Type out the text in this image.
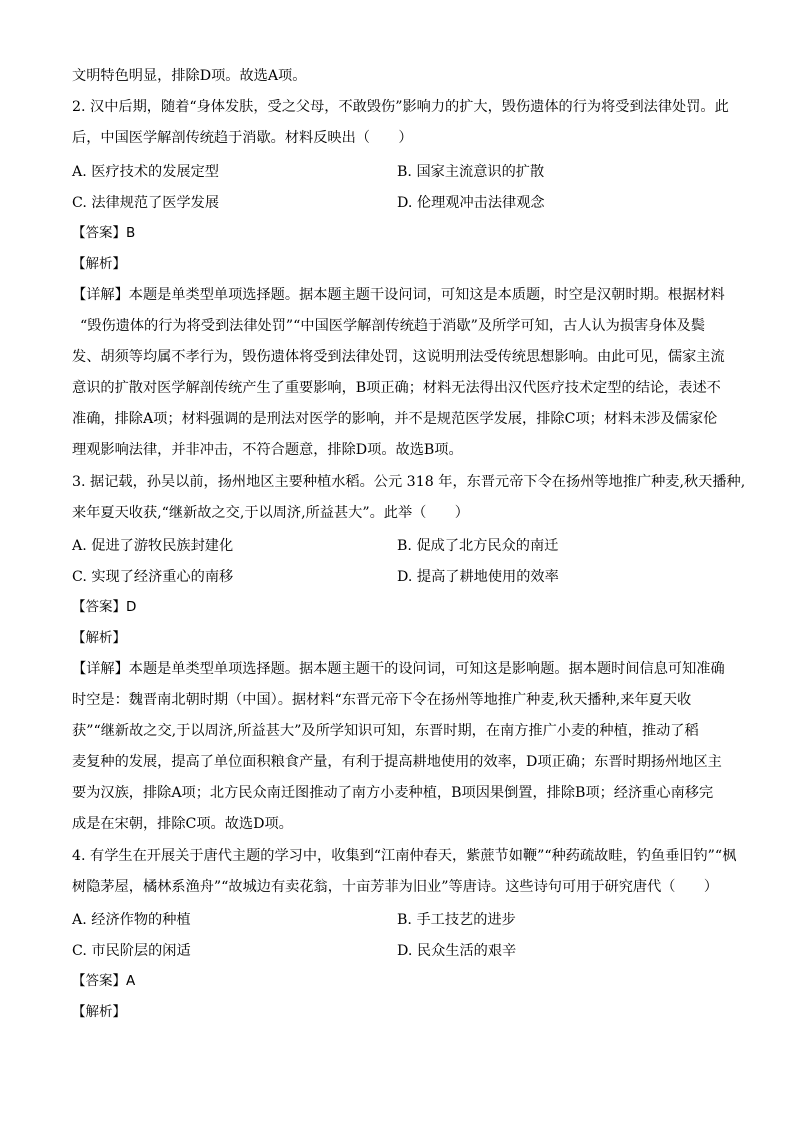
文明特色明显，排除D项。故选A项。
2. 汉中后期，随着“身体发肤，受之父母，不敢毁伤”影响力的扩大，毁伤遗体的行为将受到法律处罚。此
后，中国医学解剖传统趋于消歇。材料反映出（　　）
A. 医疗技术的发展定型	B. 国家主流意识的扩散
C. 法律规范了医学发展	D. 伦理观冲击法律观念
【答案】B
【解析】
【详解】本题是单类型单项选择题。据本题主题干设问词，可知这是本质题，时空是汉朝时期。根据材料
“毁伤遗体的行为将受到法律处罚”“中国医学解剖传统趋于消歇”及所学可知，古人认为损害身体及鬓
发、胡须等均属不孝行为，毁伤遗体将受到法律处罚，这说明刑法受传统思想影响。由此可见，儒家主流
意识的扩散对医学解剖传统产生了重要影响，B项正确；材料无法得出汉代医疗技术定型的结论，表述不
准确，排除A项；材料强调的是刑法对医学的影响，并不是规范医学发展，排除C项；材料未涉及儒家伦
理观影响法律，并非冲击，不符合题意，排除D项。故选B项。
3. 据记载，孙吴以前，扬州地区主要种植水稻。公元 318 年，东晋元帝下令在扬州等地推广种麦,秋天播种,
来年夏天收获,“继新故之交,于以周济,所益甚大”。此举（　　）
A. 促进了游牧民族封建化	B. 促成了北方民众的南迁
C. 实现了经济重心的南移	D. 提高了耕地使用的效率
【答案】D
【解析】
【详解】本题是单类型单项选择题。据本题主题干的设问词，可知这是影响题。据本题时间信息可知准确
时空是：魏晋南北朝时期（中国）。据材料“东晋元帝下令在扬州等地推广种麦,秋天播种,来年夏天收
获”“继新故之交,于以周济,所益甚大”及所学知识可知，东晋时期，在南方推广小麦的种植，推动了稻
麦复种的发展，提高了单位面积粮食产量，有利于提高耕地使用的效率，D项正确；东晋时期扬州地区主
要为汉族，排除A项；北方民众南迁图推动了南方小麦种植，B项因果倒置，排除B项；经济重心南移完
成是在宋朝，排除C项。故选D项。
4. 有学生在开展关于唐代主题的学习中，收集到“江南仲春天，紫蔗节如鞭”“种药疏故畦，钓鱼垂旧钓”“枫
树隐茅屋，橘林系渔舟”“故城边有卖花翁，十亩芳菲为旧业”等唐诗。这些诗句可用于研究唐代（　　）
A. 经济作物的种植	B. 手工技艺的进步
C. 市民阶层的闲适	D. 民众生活的艰辛
【答案】A
【解析】
